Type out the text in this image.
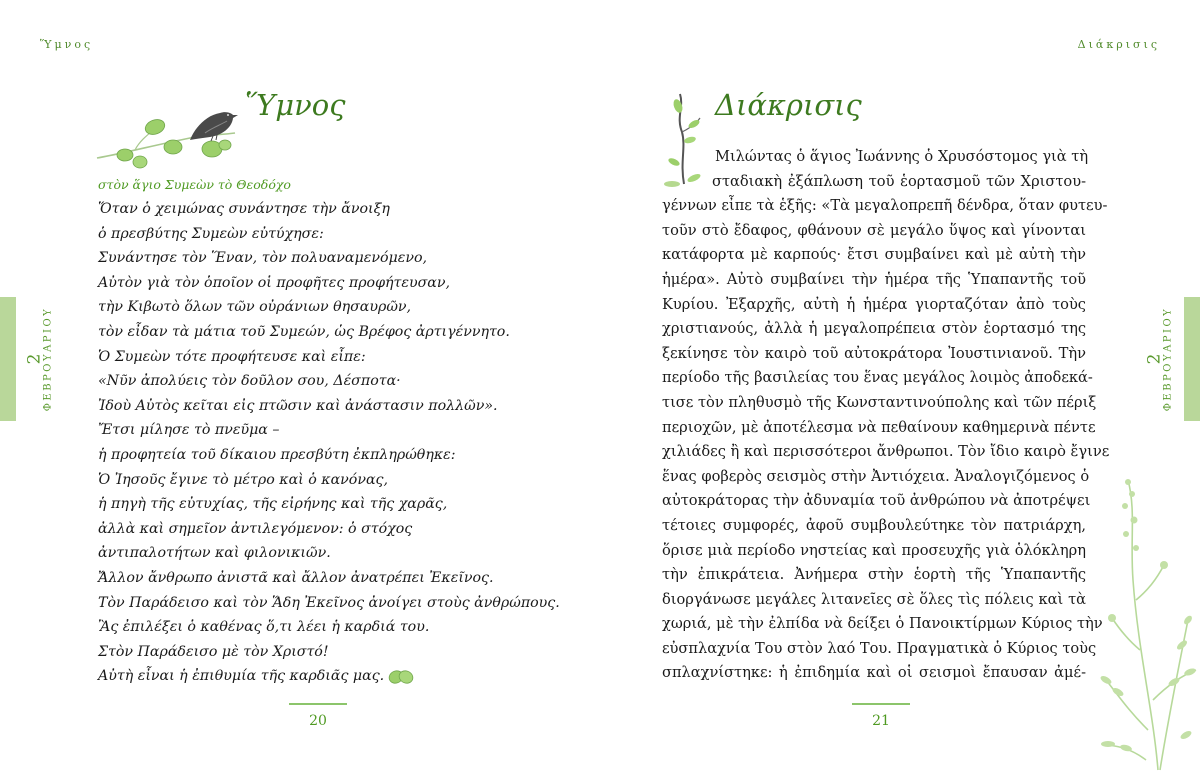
Ὕμνος
Ὕμνος
στὸν ἅγιο Συμεὼν τὸ Θεοδόχο
Ὅταν ὁ χειμώνας συνάντησε τὴν ἄνοιξη
ὁ πρεσβύτης Συμεὼν εὐτύχησε:
Συνάντησε τὸν Ἕναν, τὸν πολυαναμενόμενο,
Αὐτὸν γιὰ τὸν ὁποῖον οἱ προφῆτες προφήτευσαν,
τὴν Κιβωτὸ ὅλων τῶν οὐράνιων θησαυρῶν,
τὸν εἶδαν τὰ μάτια τοῦ Συμεών, ὡς Βρέφος ἀρτιγέννητο.
Ὁ Συμεὼν τότε προφήτευσε καὶ εἶπε:
«Νῦν ἀπολύεις τὸν δοῦλον σου, Δέσποτα·
Ἰδοὺ Αὐτὸς κεῖται εἰς πτῶσιν καὶ ἀνάστασιν πολλῶν».
Ἔτσι μίλησε τὸ πνεῦμα –
ἡ προφητεία τοῦ δίκαιου πρεσβύτη ἐκπληρώθηκε:
Ὁ Ἰησοῦς ἔγινε τὸ μέτρο καὶ ὁ κανόνας,
ἡ πηγὴ τῆς εὐτυχίας, τῆς εἰρήνης καὶ τῆς χαρᾶς,
ἀλλὰ καὶ σημεῖον ἀντιλεγόμενον: ὁ στόχος
ἀντιπαλοτήτων καὶ φιλονικιῶν.
Ἄλλον ἄνθρωπο ἀνιστᾶ καὶ ἄλλον ἀνατρέπει Ἐκεῖνος.
Τὸν Παράδεισο καὶ τὸν Ἅδη Ἐκεῖνος ἀνοίγει στοὺς ἀνθρώπους.
Ἂς ἐπιλέξει ὁ καθένας ὅ,τι λέει ἡ καρδιά του.
Στὸν Παράδεισο μὲ τὸν Χριστό!
Αὐτὴ εἶναι ἡ ἐπιθυμία τῆς καρδιᾶς μας.
2
ΦΕΒΡΟΥΑΡΙΟΥ
20
Διάκρισις
Διάκρισις
Μιλώντας ὁ ἅγιος Ἰωάννης ὁ Χρυσόστομος γιὰ τὴ
σταδιακὴ ἐξάπλωση τοῦ ἑορτασμοῦ τῶν Χριστου-
γέννων εἶπε τὰ ἑξῆς: «Τὰ μεγαλοπρεπῆ δένδρα, ὅταν φυτευ-
τοῦν στὸ ἔδαφος, φθάνουν σὲ μεγάλο ὕψος καὶ γίνονται
κατάφορτα μὲ καρπούς· ἔτσι συμβαίνει καὶ μὲ αὐτὴ τὴν
ἡμέρα». Αὐτὸ συμβαίνει τὴν ἡμέρα τῆς Ὑπαπαντῆς τοῦ
Κυρίου. Ἐξαρχῆς, αὐτὴ ἡ ἡμέρα γιορταζόταν ἀπὸ τοὺς
χριστιανούς, ἀλλὰ ἡ μεγαλοπρέπεια στὸν ἑορτασμό της
ξεκίνησε τὸν καιρὸ τοῦ αὐτοκράτορα Ἰουστινιανοῦ. Τὴν
περίοδο τῆς βασιλείας του ἕνας μεγάλος λοιμὸς ἀποδεκά-
τισε τὸν πληθυσμὸ τῆς Κωνσταντινούπολης καὶ τῶν πέριξ
περιοχῶν, μὲ ἀποτέλεσμα νὰ πεθαίνουν καθημερινὰ πέντε
χιλιάδες ἢ καὶ περισσότεροι ἄνθρωποι. Τὸν ἴδιο καιρὸ ἔγινε
ἕνας φοβερὸς σεισμὸς στὴν Ἀντιόχεια. Ἀναλογιζόμενος ὁ
αὐτοκράτορας τὴν ἀδυναμία τοῦ ἀνθρώπου νὰ ἀποτρέψει
τέτοιες συμφορές, ἀφοῦ συμβουλεύτηκε τὸν πατριάρχη,
ὅρισε μιὰ περίοδο νηστείας καὶ προσευχῆς γιὰ ὁλόκληρη
τὴν ἐπικράτεια. Ἀνήμερα στὴν ἑορτὴ τῆς Ὑπαπαντῆς
διοργάνωσε μεγάλες λιτανεῖες σὲ ὅλες τὶς πόλεις καὶ τὰ
χωριά, μὲ τὴν ἐλπίδα νὰ δείξει ὁ Πανοικτίρμων Κύριος τὴν
εὐσπλαχνία Του στὸν λαό Του. Πραγματικὰ ὁ Κύριος τοὺς
σπλαχνίστηκε: ἡ ἐπιδημία καὶ οἱ σεισμοὶ ἔπαυσαν ἀμέ-
2
ΦΕΒΡΟΥΑΡΙΟΥ
21
